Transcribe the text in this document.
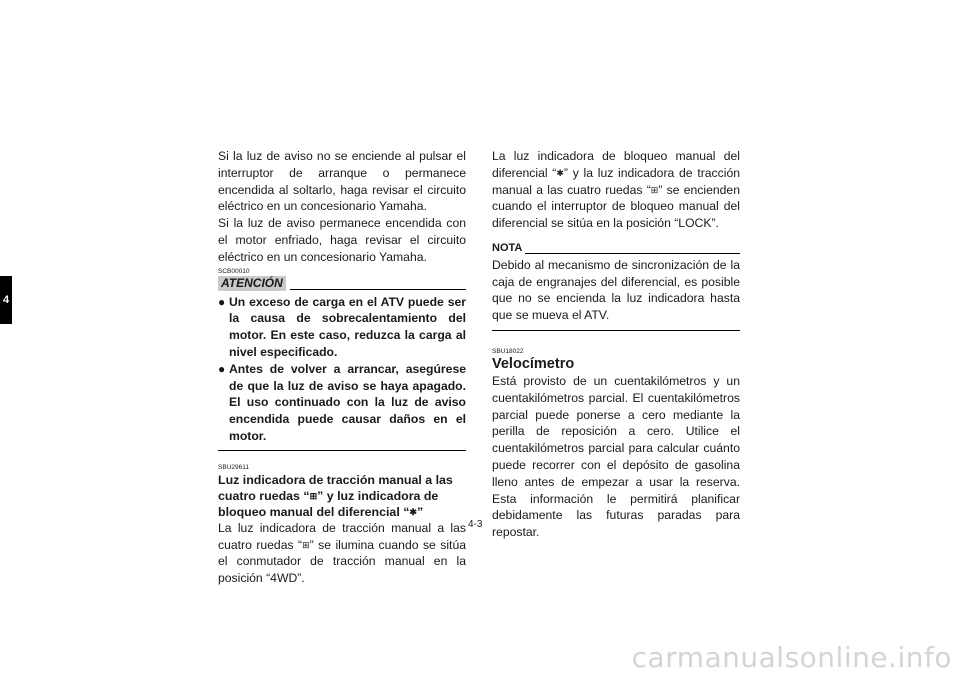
4

Si la luz de aviso no se enciende al pulsar el interruptor de arranque o permanece encendida al soltarlo, haga revisar el circuito eléctrico en un concesionario Yamaha.

Si la luz de aviso permanece encendida con el motor enfriado, haga revisar el circuito eléctrico en un concesionario Yamaha.

SCB00010
ATENCIÓN
● Un exceso de carga en el ATV puede ser la causa de sobrecalentamiento del motor. En este caso, reduzca la carga al nivel especificado.
● Antes de volver a arrancar, asegúrese de que la luz de aviso se haya apagado. El uso continuado con la luz de aviso encendida puede causar daños en el motor.
SBU29611
Luz indicadora de tracción manual a las cuatro ruedas “⊞” y luz indicadora de bloqueo manual del diferencial “✱”

La luz indicadora de tracción manual a las cuatro ruedas “⊞” se ilumina cuando se sitúa el conmutador de tracción manual en la posición “4WD”.

La luz indicadora de bloqueo manual del diferencial “✱” y la luz indicadora de tracción manual a las cuatro ruedas “⊞” se encienden cuando el interruptor de bloqueo manual del diferencial se sitúa en la posición “LOCK”.

NOTA

Debido al mecanismo de sincronización de la caja de engranajes del diferencial, es posible que no se encienda la luz indicadora hasta que se mueva el ATV.

SBU18022
Velocímetro

Está provisto de un cuentakilómetros y un cuentakilómetros parcial. El cuentakilómetros parcial puede ponerse a cero mediante la perilla de reposición a cero. Utilice el cuentakilómetros parcial para calcular cuánto puede recorrer con el depósito de gasolina lleno antes de empezar a usar la reserva. Esta información le permitirá planificar debidamente las futuras paradas para repostar.

4-3
carmanualsonline.info
